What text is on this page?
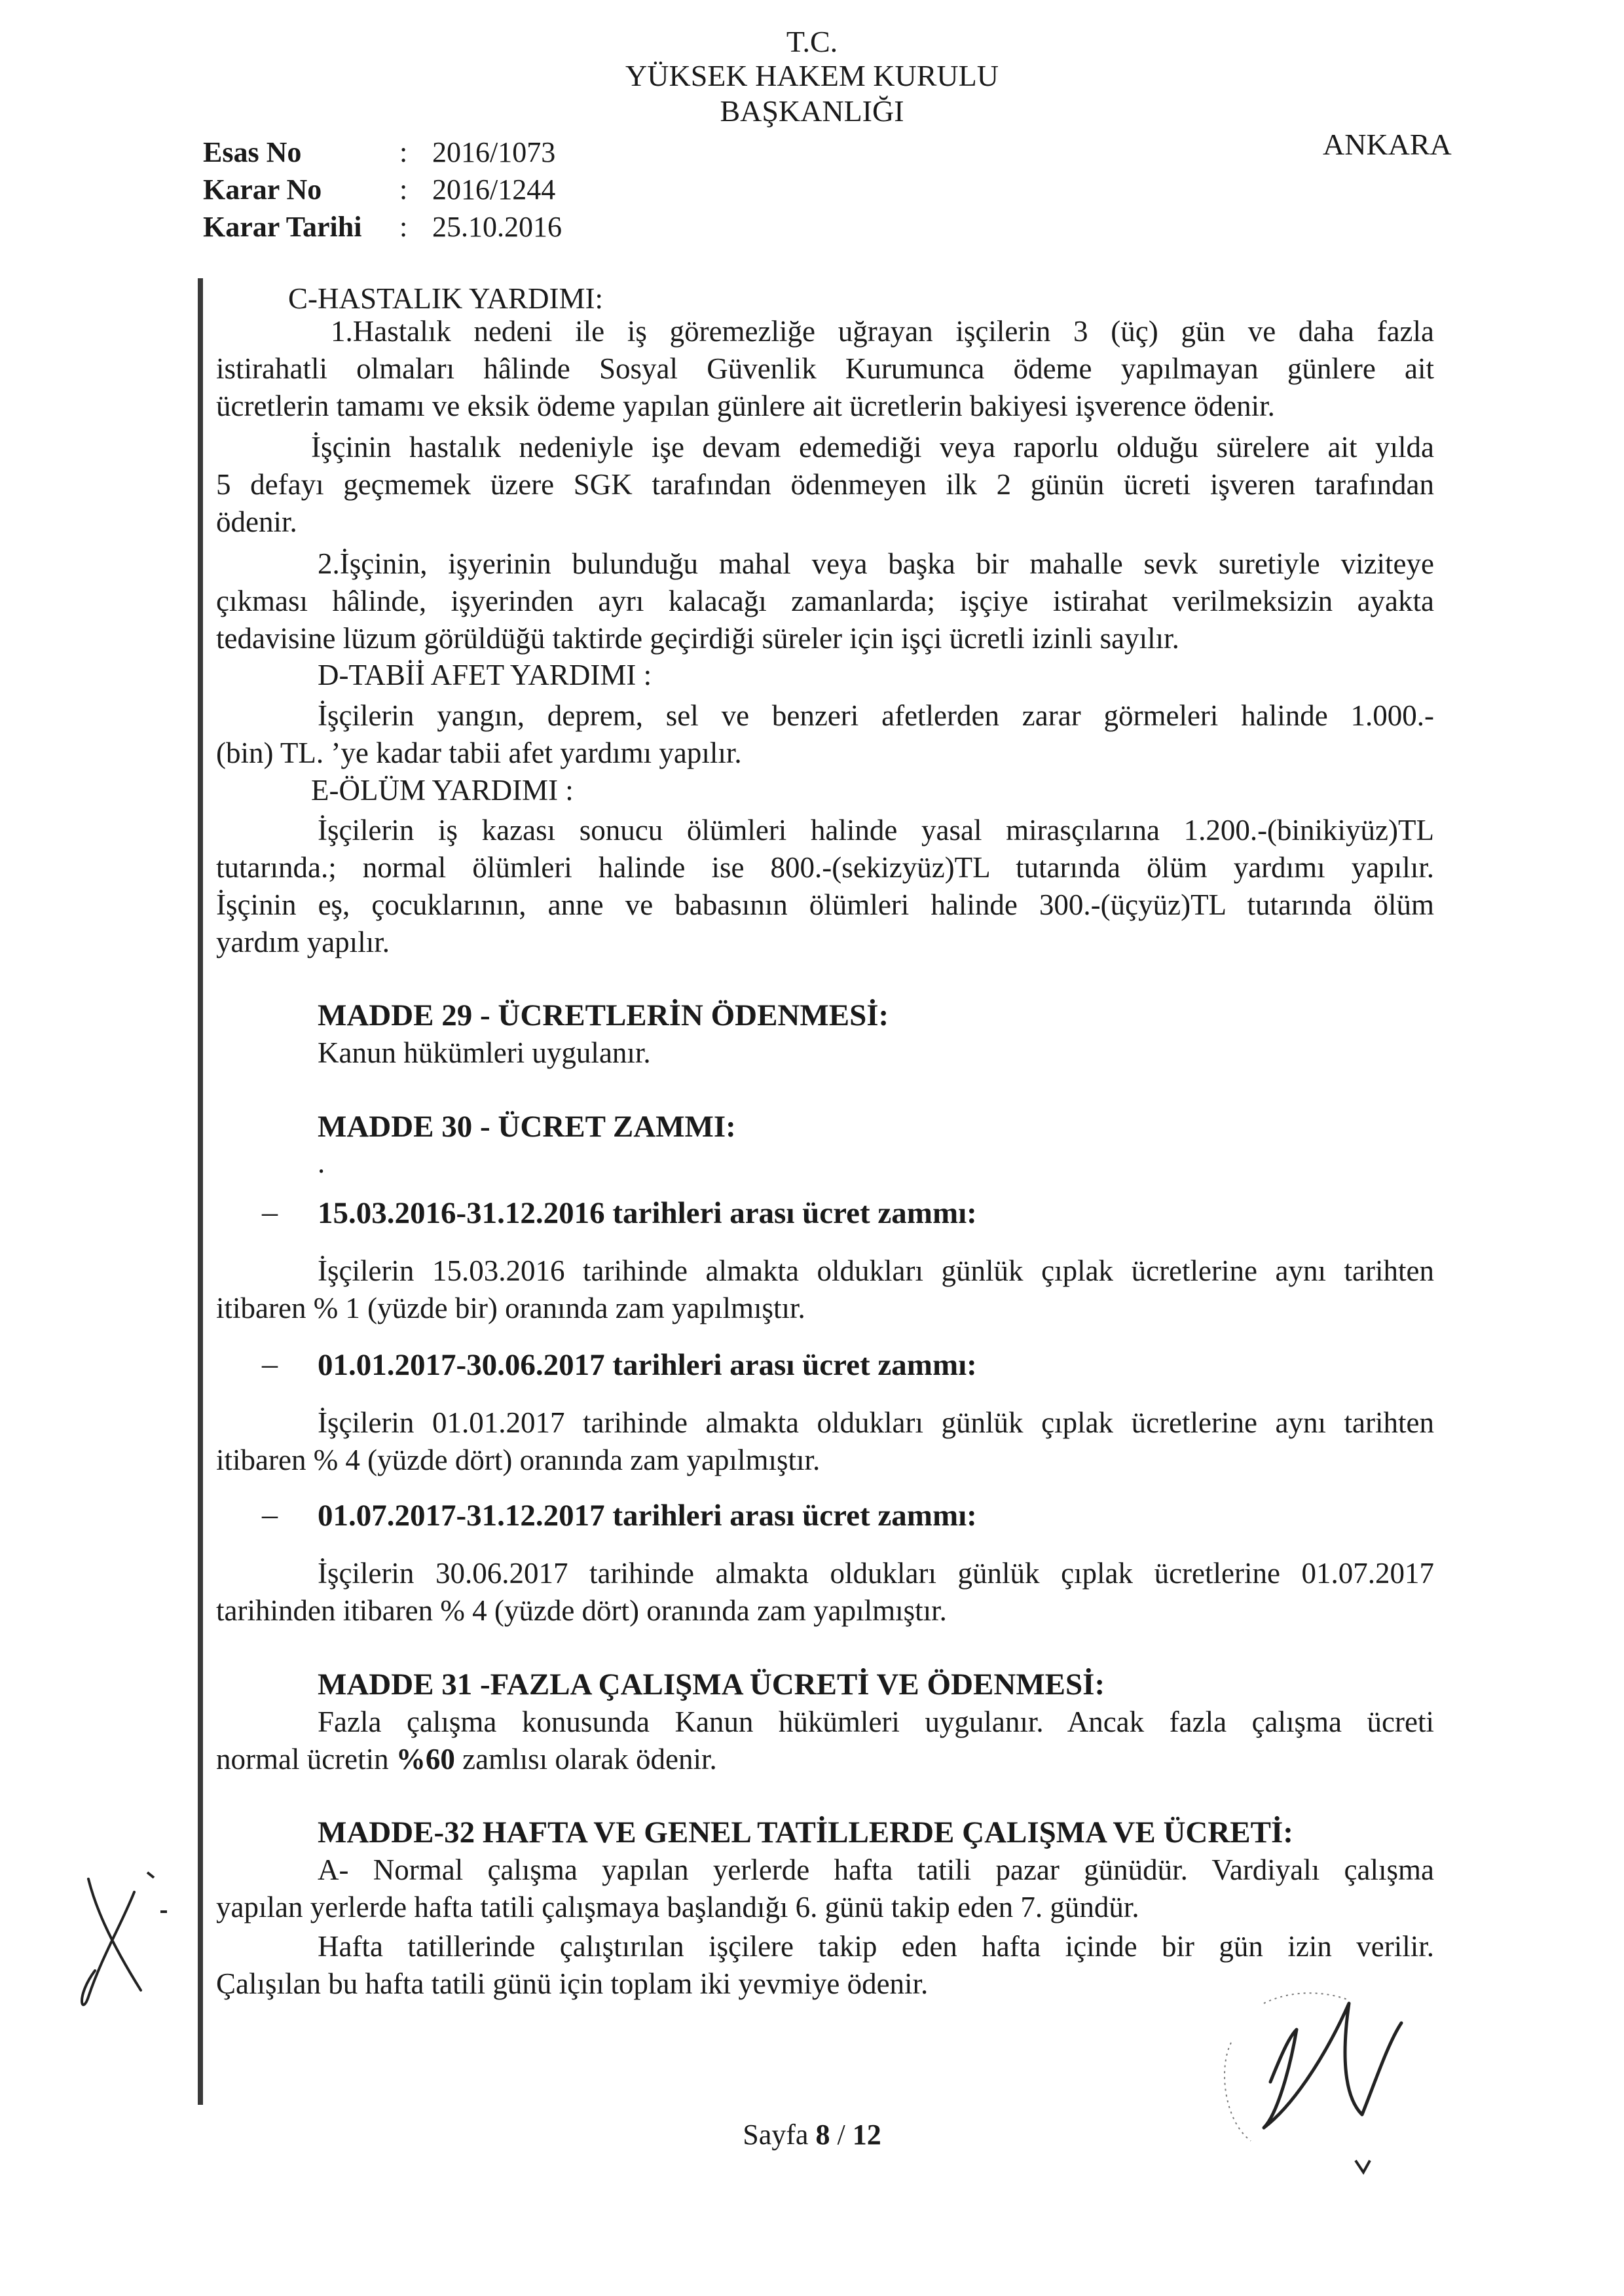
T.C.
YÜKSEK HAKEM KURULU
BAŞKANLIĞI
ANKARA
Esas No	: 2016/1073
Karar No	: 2016/1244
Karar Tarihi : 25.10.2016
C-HASTALIK YARDIMI:
1.Hastalık nedeni ile iş göremezliğe uğrayan işçilerin 3 (üç) gün ve daha fazla
istirahatli olmaları hâlinde Sosyal Güvenlik Kurumunca ödeme yapılmayan günlere ait
ücretlerin tamamı ve eksik ödeme yapılan günlere ait ücretlerin bakiyesi işverence ödenir.
İşçinin hastalık nedeniyle işe devam edemediği veya raporlu olduğu sürelere ait yılda
5 defayı geçmemek üzere SGK tarafından ödenmeyen ilk 2 günün ücreti işveren tarafından
ödenir.
2.İşçinin, işyerinin bulunduğu mahal veya başka bir mahalle sevk suretiyle viziteye
çıkması hâlinde, işyerinden ayrı kalacağı zamanlarda; işçiye istirahat verilmeksizin ayakta
tedavisine lüzum görüldüğü taktirde geçirdiği süreler için işçi ücretli izinli sayılır.
D-TABİİ AFET YARDIMI :
İşçilerin yangın, deprem, sel ve benzeri afetlerden zarar görmeleri halinde 1.000.-
(bin) TL. ’ye kadar tabii afet yardımı yapılır.
E-ÖLÜM YARDIMI :
İşçilerin iş kazası sonucu ölümleri halinde yasal mirasçılarına 1.200.-(binikiyüz)TL
tutarında.; normal ölümleri halinde ise 800.-(sekizyüz)TL tutarında ölüm yardımı yapılır.
İşçinin eş, çocuklarının, anne ve babasının ölümleri halinde 300.-(üçyüz)TL tutarında ölüm
yardım yapılır.
MADDE 29 - ÜCRETLERİN ÖDENMESİ:
Kanun hükümleri uygulanır.
MADDE 30 - ÜCRET ZAMMI:
.
– 15.03.2016-31.12.2016 tarihleri arası ücret zammı:
İşçilerin 15.03.2016 tarihinde almakta oldukları günlük çıplak ücretlerine aynı tarihten
itibaren % 1 (yüzde bir) oranında zam yapılmıştır.
– 01.01.2017-30.06.2017 tarihleri arası ücret zammı:
İşçilerin 01.01.2017 tarihinde almakta oldukları günlük çıplak ücretlerine aynı tarihten
itibaren % 4 (yüzde dört) oranında zam yapılmıştır.
– 01.07.2017-31.12.2017 tarihleri arası ücret zammı:
İşçilerin 30.06.2017 tarihinde almakta oldukları günlük çıplak ücretlerine 01.07.2017
tarihinden itibaren % 4 (yüzde dört) oranında zam yapılmıştır.
MADDE 31 -FAZLA ÇALIŞMA ÜCRETİ VE ÖDENMESİ:
Fazla çalışma konusunda Kanun hükümleri uygulanır. Ancak fazla çalışma ücreti
normal ücretin %60 zamlısı olarak ödenir.
MADDE-32 HAFTA VE GENEL TATİLLERDE ÇALIŞMA VE ÜCRETİ:
A- Normal çalışma yapılan yerlerde hafta tatili pazar günüdür. Vardiyalı çalışma
yapılan yerlerde hafta tatili çalışmaya başlandığı 6. günü takip eden 7. gündür.
Hafta tatillerinde çalıştırılan işçilere takip eden hafta içinde bir gün izin verilir.
Çalışılan bu hafta tatili günü için toplam iki yevmiye ödenir.
Sayfa 8 / 12
